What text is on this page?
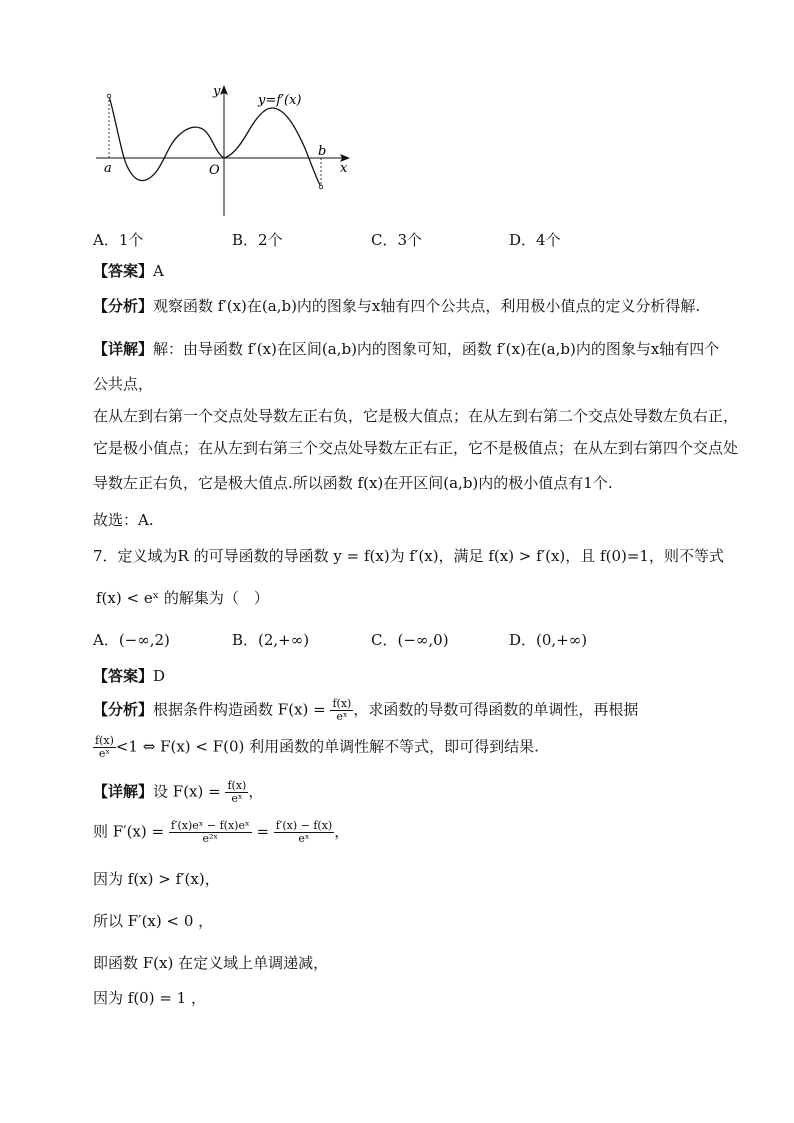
y
x
y=f′(x)
a
b
O
A．1个	B．2个	C．3个	D．4个
【答案】A
【分析】观察函数 f′(x)在(a,b)内的图象与x轴有四个公共点，利用极小值点的定义分析得解.
【详解】解：由导函数 f′(x)在区间(a,b)内的图象可知，函数 f′(x)在(a,b)内的图象与x轴有四个
公共点，
在从左到右第一个交点处导数左正右负，它是极大值点；在从左到右第二个交点处导数左负右正，
它是极小值点；在从左到右第三个交点处导数左正右正，它不是极值点；在从左到右第四个交点处
导数左正右负，它是极大值点.所以函数 f(x)在开区间(a,b)内的极小值点有1个.
故选：A.
7．定义域为R 的可导函数的导函数 y = f(x)为 f′(x)，满足 f(x) > f′(x)，且 f(0)=1，则不等式
f(x) < eˣ 的解集为（　）
A．(−∞,2)	B．(2,+∞)	C．(−∞,0)	D．(0,+∞)
【答案】D
【分析】根据条件构造函数 $F(x) = \frac{f(x)}{\text{eˣ}}$ ，求函数的导数可得函数的单调性，再根据
$\frac{f(x)}{\text{eˣ}} <1$ ⇔ F(x) < F(0) 利用函数的单调性解不等式，即可得到结果.
【详解】设 $F(x) = \frac{f(x)}{\text{eˣ}}$ ，
则 $F'(x) = \frac{\text{f′(x)eˣ − f(x)eˣ}}{\text{e²ˣ}} = \frac{f'(x) - f(x)}{\text{eˣ}}$ ，
因为 f(x) > f′(x)，
所以 F′(x) < 0 ，
即函数 F(x) 在定义域上单调递减，
因为 f(0) = 1 ，
